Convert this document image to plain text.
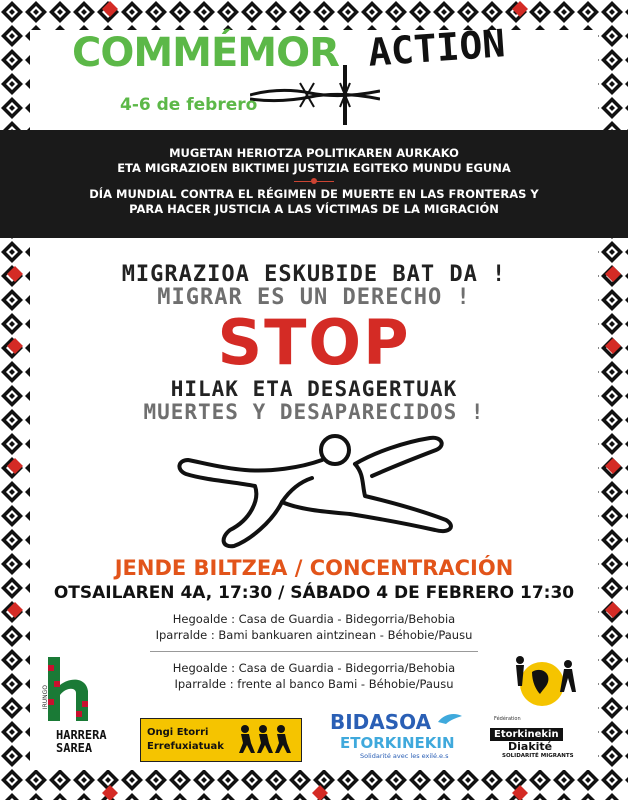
COMMÉMOR ACTION
4-6 de febrero
MUGETAN HERIOTZA POLITIKAREN AURKAKO
ETA MIGRAZIOEN BIKTIMEI JUSTIZIA EGITEKO MUNDU EGUNA
DÍA MUNDIAL CONTRA EL RÉGIMEN DE MUERTE EN LAS FRONTERAS Y
PARA HACER JUSTICIA A LAS VÍCTIMAS DE LA MIGRACIÓN
MIGRAZIOA ESKUBIDE BAT DA !
MIGRAR ES UN DERECHO !
STOP
HILAK ETA DESAGERTUAK
MUERTES Y DESAPARECIDOS !
JENDE BILTZEA / CONCENTRACIÓN
OTSAILAREN 4A, 17:30 / SÁBADO 4 DE FEBRERO 17:30
Hegoalde : Casa de Guardia - Bidegorria/Behobia
Iparralde : Bami bankuaren aintzinean - Béhobie/Pausu
Hegoalde : Casa de Guardia - Bidegorria/Behobia
Iparralde : frente al banco Bami - Béhobie/Pausu
IRUNGO
HARRERA
SAREA
Ongi Etorri
Errefuxiatuak
BIDASOA
ETORKINEKIN
Solidarité avec les exilé.e.s
Fédération
Etorkinekin
Diakité
SOLIDARITÉ MIGRANTS
